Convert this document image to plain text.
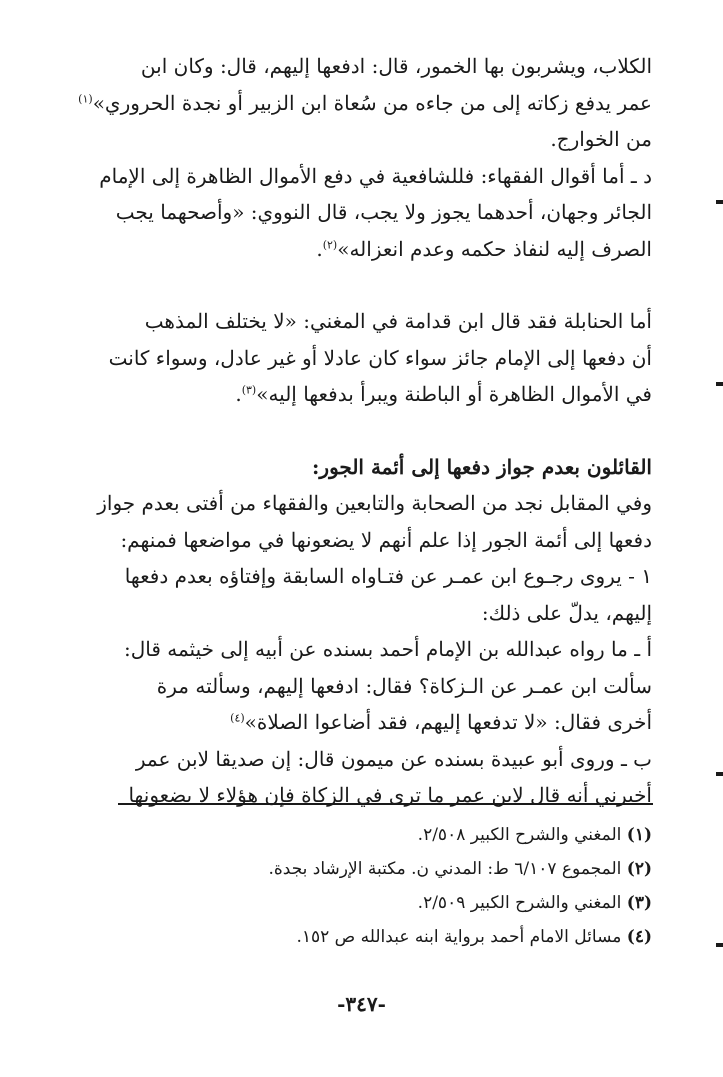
الكلاب، ويشربون بها الخمور، قال: ادفعها إليهم، قال: وكان ابن
عمر يدفع زكاته إلى من جاءه من سُعاة ابن الزبير أو نجدة الحروري»$^{(١)}$
من الخوارج.
د ـ أما أقوال الفقهاء: فللشافعية في دفع الأموال الظاهرة إلى الإمام
الجائر وجهان، أحدهما يجوز ولا يجب، قال النووي: «وأصحهما يجب
الصرف إليه لنفاذ حكمه وعدم انعزاله»$^{(٢)}$.
أما الحنابلة فقد قال ابن قدامة في المغني: «لا يختلف المذهب
أن دفعها إلى الإمام جائز سواء كان عادلا أو غير عادل، وسواء كانت
في الأموال الظاهرة أو الباطنة ويبرأ بدفعها إليه»$^{(٣)}$.
القائلون بعدم جواز دفعها إلى أئمة الجور:
وفي المقابل نجد من الصحابة والتابعين والفقهاء من أفتى بعدم جواز
دفعها إلى أئمة الجور إذا علم أنهم لا يضعونها في مواضعها فمنهم:
١ - يروى رجـوع ابن عمـر عن فتـاواه السابقة وإفتاؤه بعدم دفعها
إليهم، يدلّ على ذلك:
أ ـ ما رواه عبدالله بن الإمام أحمد بسنده عن أبيه إلى خيثمه قال:
سألت ابن عمـر عن الـزكاة؟ فقال: ادفعها إليهم، وسألته مرة
أخرى فقال: «لا تدفعها إليهم، فقد أضاعوا الصلاة»$^{(٤)}$
ب ـ وروى أبو عبيدة بسنده عن ميمون قال: إن صديقا لابن عمر
أخبرني أنه قال لابن عمر ما ترى في الزكاة فإن هؤلاء لا يضعونها
(١) المغني والشرح الكبير ٢/٥٠٨.
(٢) المجموع ٦/١٠٧ ط: المدني ن. مكتبة الإرشاد بجدة.
(٣) المغني والشرح الكبير ٢/٥٠٩.
(٤) مسائل الامام أحمد برواية ابنه عبدالله ص ١٥٢.
-٣٤٧-
